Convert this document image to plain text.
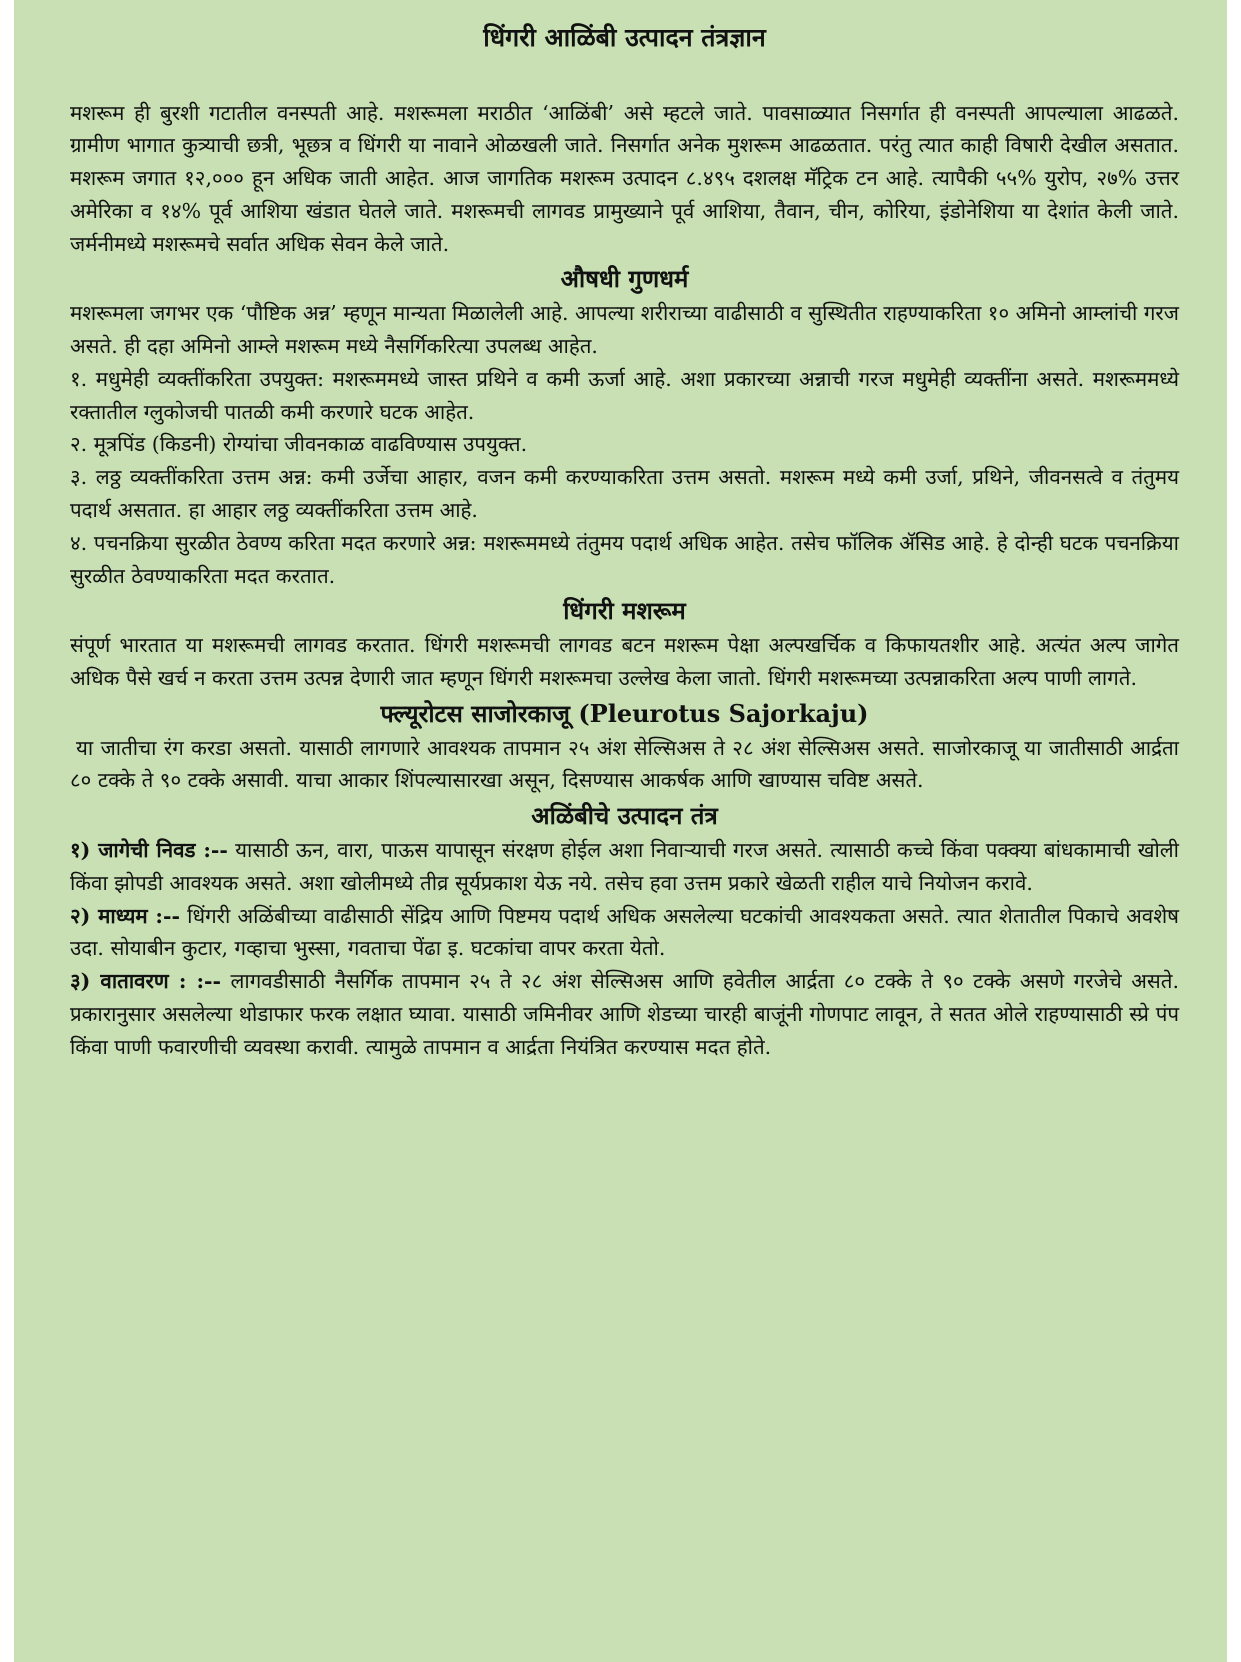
धिंगरी आळिंबी उत्पादन तंत्रज्ञान

मशरूम ही बुरशी गटातील वनस्पती आहे. मशरूमला मराठीत ‘आळिंबी’ असे म्हटले जाते. पावसाळ्यात निसर्गात ही वनस्पती आपल्याला आढळते. ग्रामीण भागात कुत्र्याची छत्री, भूछत्र व धिंगरी या नावाने ओळखली जाते. निसर्गात अनेक मुशरूम आढळतात. परंतु त्यात काही विषारी देखील असतात. मशरूम जगात १२,००० हून अधिक जाती आहेत. आज जागतिक मशरूम उत्पादन ८.४९५ दशलक्ष मॅट्रिक टन आहे. त्यापैकी ५५% युरोप, २७% उत्तर अमेरिका व १४% पूर्व आशिया खंडात घेतले जाते. मशरूमची लागवड प्रामुख्याने पूर्व आशिया, तैवान, चीन, कोरिया, इंडोनेशिया या देशांत केली जाते. जर्मनीमध्ये मशरूमचे सर्वात अधिक सेवन केले जाते.

औषधी गुणधर्म

मशरूमला जगभर एक ‘पौष्टिक अन्न’ म्हणून मान्यता मिळालेली आहे. आपल्या शरीराच्या वाढीसाठी व सुस्थितीत राहण्याकरिता १० अमिनो आम्लांची गरज असते. ही दहा अमिनो आम्ले मशरूम मध्ये नैसर्गिकरित्या उपलब्ध आहेत.

१. मधुमेही व्यक्तींकरिता उपयुक्त: मशरूममध्ये जास्त प्रथिने व कमी ऊर्जा आहे. अशा प्रकारच्या अन्नाची गरज मधुमेही व्यक्तींना असते. मशरूममध्ये रक्तातील ग्लुकोजची पातळी कमी करणारे घटक आहेत.

२. मूत्रपिंड (किडनी) रोग्यांचा जीवनकाळ वाढविण्यास उपयुक्त.

३. लठ्ठ व्यक्तींकरिता उत्तम अन्न: कमी उर्जेचा आहार, वजन कमी करण्याकरिता उत्तम असतो. मशरूम मध्ये कमी उर्जा, प्रथिने, जीवनसत्वे व तंतुमय पदार्थ असतात. हा आहार लठ्ठ व्यक्तींकरिता उत्तम आहे.

४. पचनक्रिया सुरळीत ठेवण्य करिता मदत करणारे अन्न: मशरूममध्ये तंतुमय पदार्थ अधिक आहेत. तसेच फॉलिक ॲसिड आहे. हे दोन्ही घटक पचनक्रिया सुरळीत ठेवण्याकरिता मदत करतात.

धिंगरी मशरूम

संपूर्ण भारतात या मशरूमची लागवड करतात. धिंगरी मशरूमची लागवड बटन मशरूम पेक्षा अल्पखर्चिक व किफायतशीर आहे. अत्यंत अल्प जागेत अधिक पैसे खर्च न करता उत्तम उत्पन्न देणारी जात म्हणून धिंगरी मशरूमचा उल्लेख केला जातो. धिंगरी मशरूमच्या उत्पन्नाकरिता अल्प पाणी लागते.

फ्ल्यूरोटस साजोरकाजू (Pleurotus Sajorkaju)

या जातीचा रंग करडा असतो. यासाठी लागणारे आवश्यक तापमान २५ अंश सेल्सिअस ते २८ अंश सेल्सिअस असते. साजोरकाजू या जातीसाठी आर्द्रता ८० टक्के ते ९० टक्के असावी. याचा आकार शिंपल्यासारखा असून, दिसण्यास आकर्षक आणि खाण्यास चविष्ट असते.

अळिंबीचे उत्पादन तंत्र

१) जागेची निवड :-- यासाठी ऊन, वारा, पाऊस यापासून संरक्षण होईल अशा निवाऱ्याची गरज असते. त्यासाठी कच्चे किंवा पक्क्या बांधकामाची खोली किंवा झोपडी आवश्यक असते. अशा खोलीमध्ये तीव्र सूर्यप्रकाश येऊ नये. तसेच हवा उत्तम प्रकारे खेळती राहील याचे नियोजन करावे.

२) माध्यम :-- धिंगरी अळिंबीच्या वाढीसाठी सेंद्रिय आणि पिष्टमय पदार्थ अधिक असलेल्या घटकांची आवश्यकता असते. त्यात शेतातील पिकाचे अवशेष उदा. सोयाबीन कुटार, गव्हाचा भुस्सा, गवताचा पेंढा इ. घटकांचा वापर करता येतो.

३) वातावरण : :-- लागवडीसाठी नैसर्गिक तापमान २५ ते २८ अंश सेल्सिअस आणि हवेतील आर्द्रता ८० टक्के ते ९० टक्के असणे गरजेचे असते. प्रकारानुसार असलेल्या थोडाफार फरक लक्षात घ्यावा. यासाठी जमिनीवर आणि शेडच्या चारही बाजूंनी गोणपाट लावून, ते सतत ओले राहण्यासाठी स्प्रे पंप किंवा पाणी फवारणीची व्यवस्था करावी. त्यामुळे तापमान व आर्द्रता नियंत्रित करण्यास मदत होते.
